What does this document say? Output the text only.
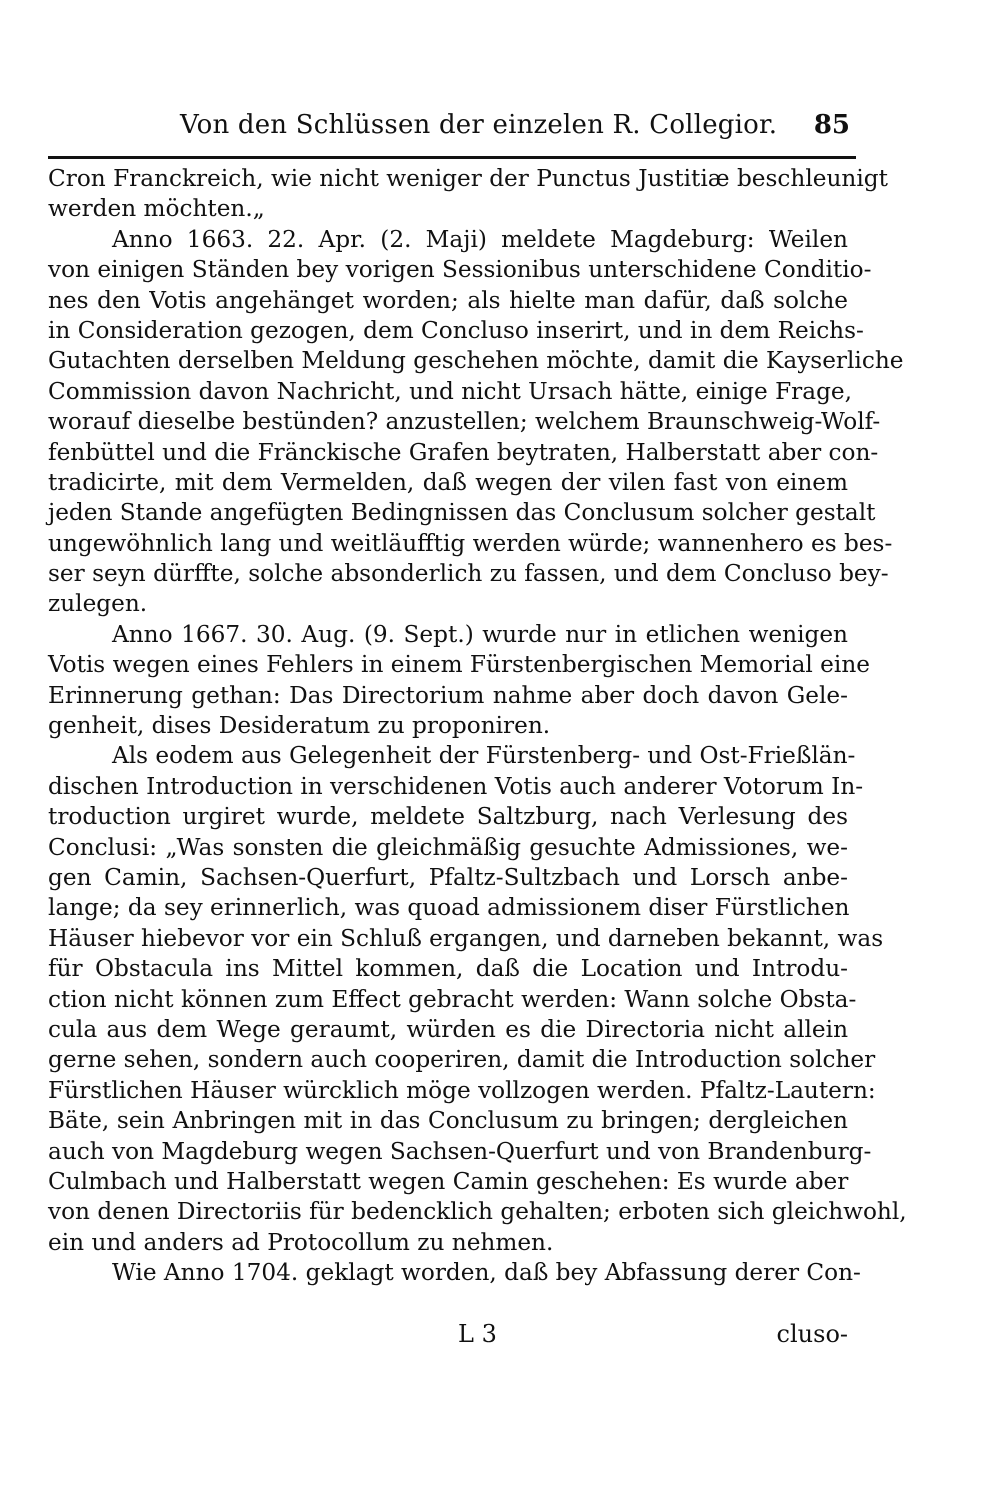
Von den Schlüssen der einzelen R. Collegior. 85
Cron Franckreich, wie nicht weniger der Punctus Justitiæ beschleunigt
werden möchten.„
Anno 1663. 22. Apr. (2. Maji) meldete Magdeburg: Weilen
von einigen Ständen bey vorigen Sessionibus unterschidene Conditio-
nes den Votis angehänget worden; als hielte man dafür, daß solche
in Consideration gezogen, dem Concluso inserirt, und in dem Reichs-
Gutachten derselben Meldung geschehen möchte, damit die Kayserliche
Commission davon Nachricht, und nicht Ursach hätte, einige Frage,
worauf dieselbe bestünden? anzustellen; welchem Braunschweig-Wolf-
fenbüttel und die Fränckische Grafen beytraten, Halberstatt aber con-
tradicirte, mit dem Vermelden, daß wegen der vilen fast von einem
jeden Stande angefügten Bedingnissen das Conclusum solcher gestalt
ungewöhnlich lang und weitläufftig werden würde; wannenhero es bes-
ser seyn dürffte, solche absonderlich zu fassen, und dem Concluso bey-
zulegen.
Anno 1667. 30. Aug. (9. Sept.) wurde nur in etlichen wenigen
Votis wegen eines Fehlers in einem Fürstenbergischen Memorial eine
Erinnerung gethan: Das Directorium nahme aber doch davon Gele-
genheit, dises Desideratum zu proponiren.
Als eodem aus Gelegenheit der Fürstenberg- und Ost-Frießlän-
dischen Introduction in verschidenen Votis auch anderer Votorum In-
troduction urgiret wurde, meldete Saltzburg, nach Verlesung des
Conclusi: „Was sonsten die gleichmäßig gesuchte Admissiones, we-
gen Camin, Sachsen-Querfurt, Pfaltz-Sultzbach und Lorsch anbe-
lange; da sey erinnerlich, was quoad admissionem diser Fürstlichen
Häuser hiebevor vor ein Schluß ergangen, und darneben bekannt, was
für Obstacula ins Mittel kommen, daß die Location und Introdu-
ction nicht können zum Effect gebracht werden: Wann solche Obsta-
cula aus dem Wege geraumt, würden es die Directoria nicht allein
gerne sehen, sondern auch cooperiren, damit die Introduction solcher
Fürstlichen Häuser würcklich möge vollzogen werden. Pfaltz-Lautern:
Bäte, sein Anbringen mit in das Conclusum zu bringen; dergleichen
auch von Magdeburg wegen Sachsen-Querfurt und von Brandenburg-
Culmbach und Halberstatt wegen Camin geschehen: Es wurde aber
von denen Directoriis für bedencklich gehalten; erboten sich gleichwohl,
ein und anders ad Protocollum zu nehmen.
Wie Anno 1704. geklagt worden, daß bey Abfassung derer Con-
L 3	cluso-
